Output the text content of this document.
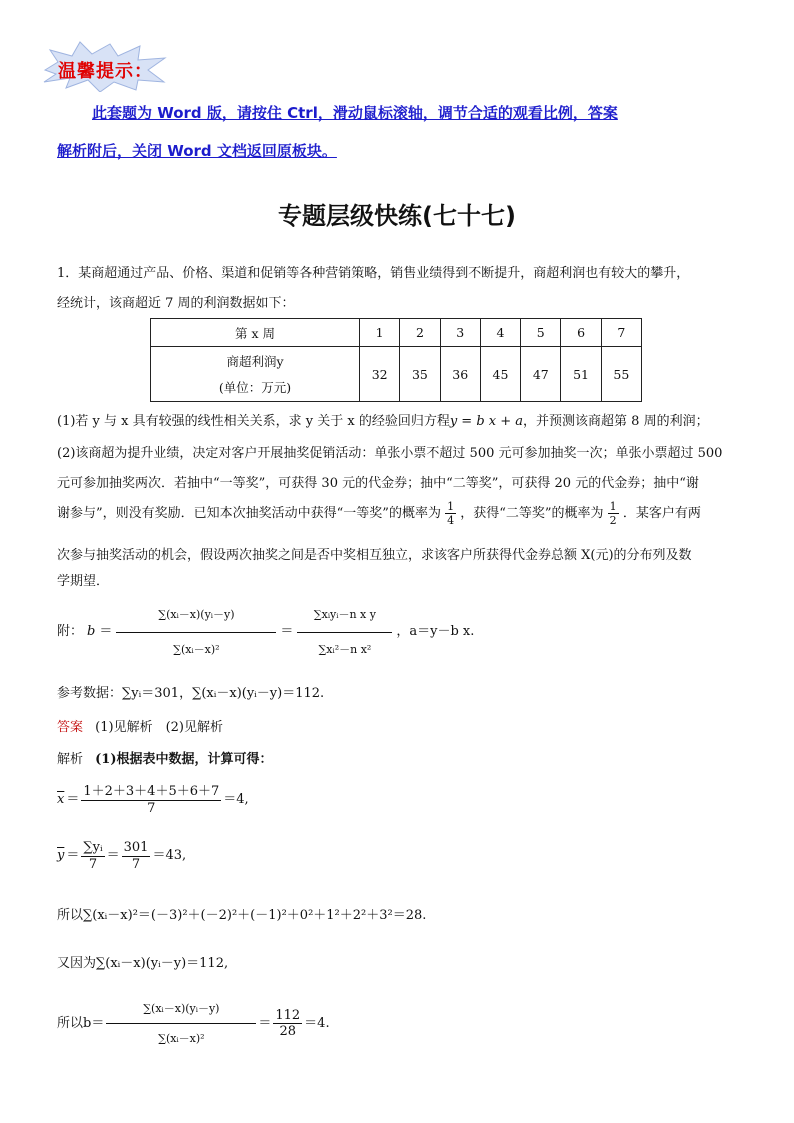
温馨提示：
此套题为 Word 版，请按住 Ctrl，滑动鼠标滚轴，调节合适的观看比例，答案
解析附后，关闭 Word 文档返回原板块。
专题层级快练(七十七)
1．某商超通过产品、价格、渠道和促销等各种营销策略，销售业绩得到不断提升，商超利润也有较大的攀升，
经统计，该商超近 7 周的利润数据如下：
第 x 周	1	2	3	4	5	6	7

商超利润y
(单位：万元)	32	35	36	45	47	51	55
(1)若 y 与 x 具有较强的线性相关关系，求 y 关于 x 的经验回归方程y = b x + a，并预测该商超第 8 周的利润；
(2)该商超为提升业绩，决定对客户开展抽奖促销活动：单张小票不超过 500 元可参加抽奖一次；单张小票超过 500
元可参加抽奖两次．若抽中“一等奖”，可获得 30 元的代金券；抽中“二等奖”，可获得 20 元的代金券；抽中“谢
谢参与”，则没有奖励．已知本次抽奖活动中获得“一等奖”的概率为 $\frac{1}{4}$ ，获得“二等奖”的概率为 $\frac{1}{2}$ ．某客户有两
次参与抽奖活动的机会，假设两次抽奖之间是否中奖相互独立，求该客户所获得代金券总额 X(元)的分布列及数
学期望．
附： $b = \frac{\text{∑(xᵢ－x)(yᵢ－y)}}{\text{∑(xᵢ－x)²}} = \frac{\text{∑xᵢyᵢ－n x y}}{\text{∑xᵢ²－n x²}}$ ，a＝y－b x.
参考数据：∑yᵢ＝301，∑(xᵢ－x)(yᵢ－y)＝112.
答案 (1)见解析　(2)见解析
解析 (1)根据表中数据，计算可得：
$\overline{x} = \frac{1+2+3+4+5+6+7}{7} =4$,
$\overline{y} = \frac{\text{∑yᵢ}}{7} = \frac{301}{7} =43$,
所以∑(xᵢ－x)²＝(－3)²＋(－2)²＋(－1)²＋0²＋1²＋2²＋3²＝28.
又因为∑(xᵢ－x)(yᵢ－y)＝112,
所以$b= \frac{\text{∑(xᵢ－x)(yᵢ－y)}}{\text{∑(xᵢ－x)²}} = \frac{112}{28} =4$.
